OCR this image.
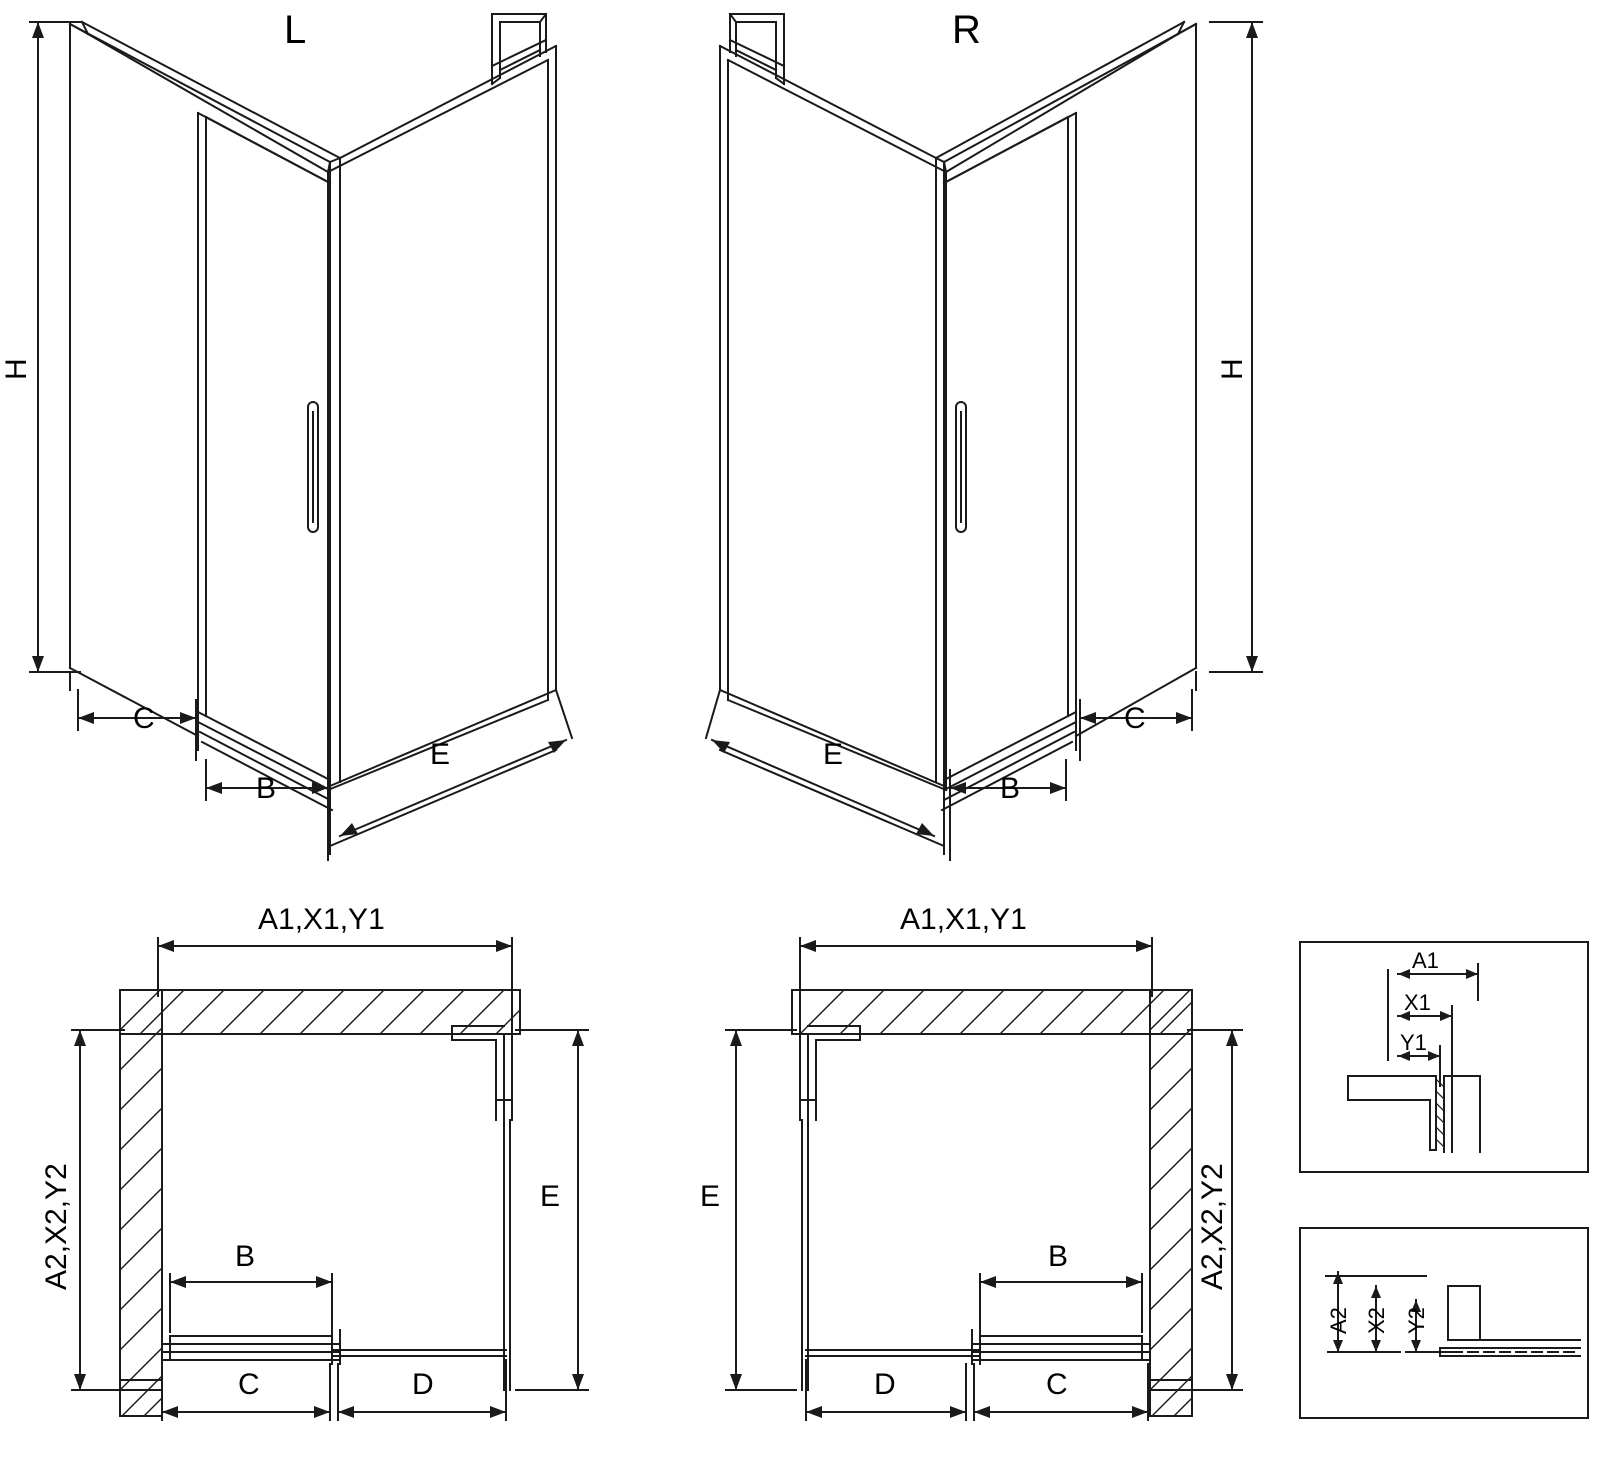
L	R
H
C
B
E
H
E
B
C
A1,X1,Y1
A2,X2,Y2	E
B
C	D
A1,X1,Y1
A2,X2,Y2
E
B
D	C
A1
X1
Y1
A2 X2 Y2
